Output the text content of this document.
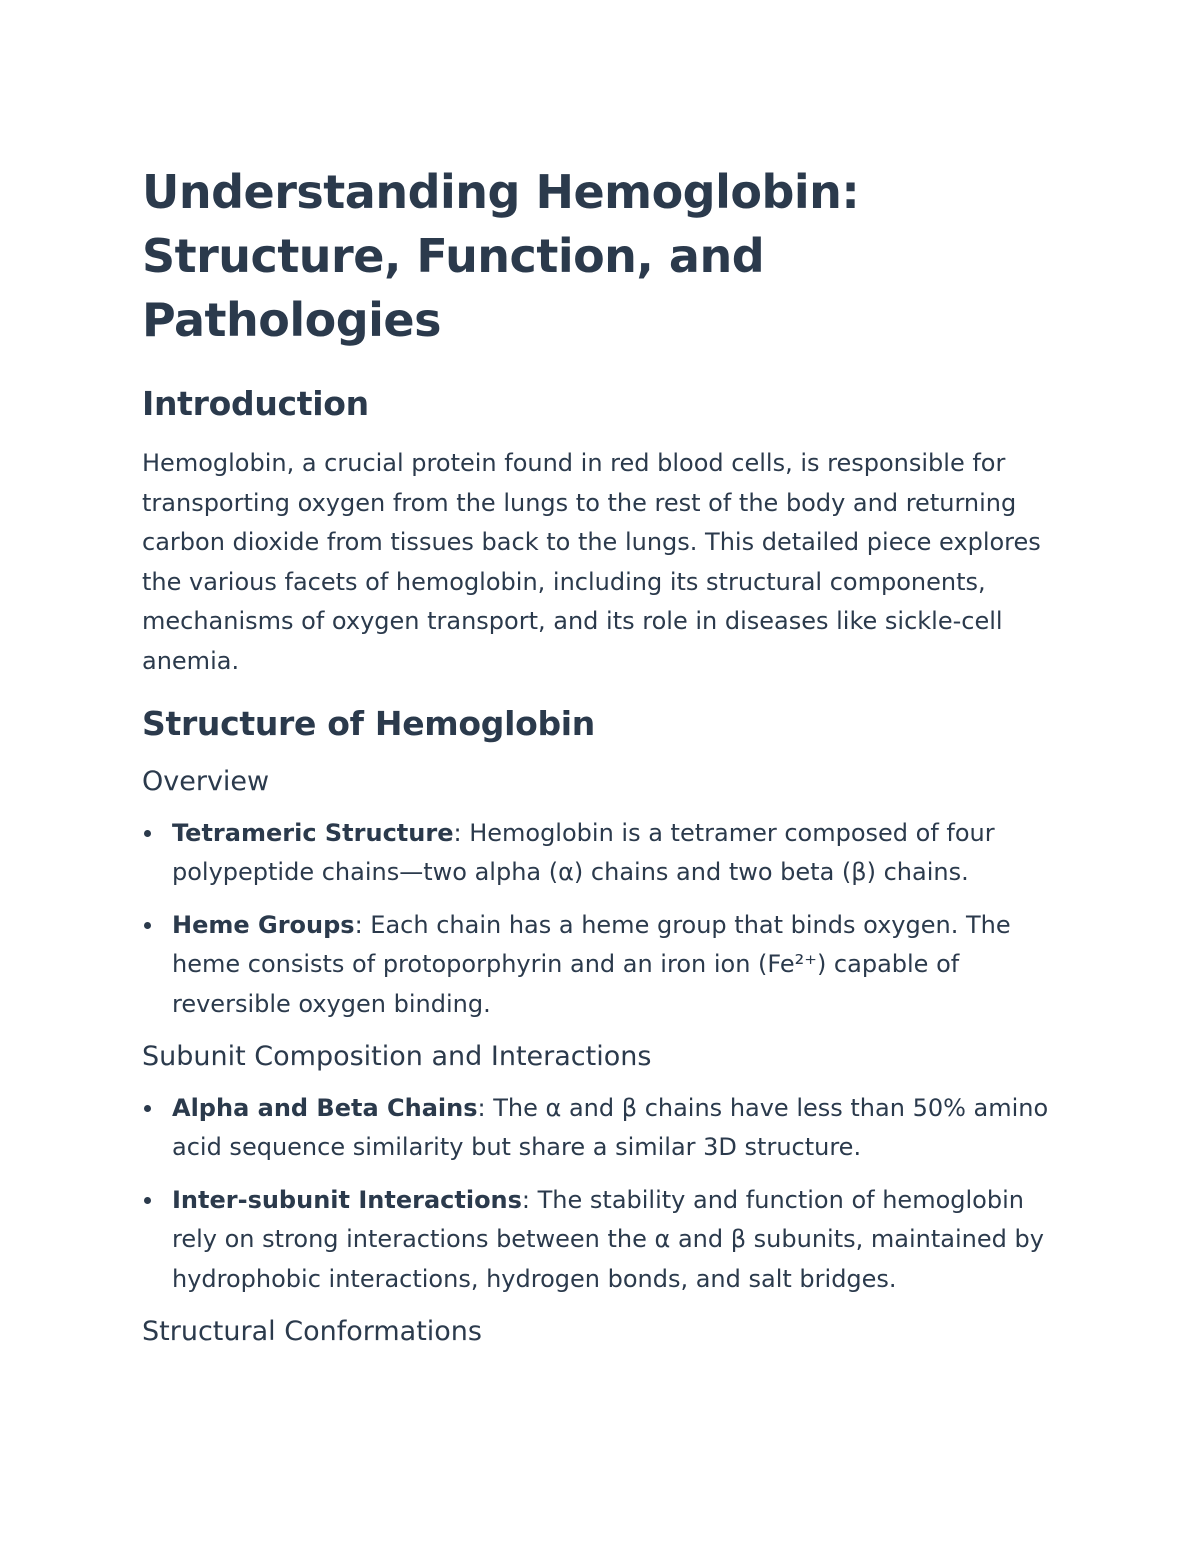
Understanding Hemoglobin: Structure, Function, and Pathologies
Introduction

Hemoglobin, a crucial protein found in red blood cells, is responsible for transporting oxygen from the lungs to the rest of the body and returning carbon dioxide from tissues back to the lungs. This detailed piece explores the various facets of hemoglobin, including its structural components, mechanisms of oxygen transport, and its role in diseases like sickle-cell anemia.

Structure of Hemoglobin
Overview
Tetrameric Structure: Hemoglobin is a tetramer composed of four polypeptide chains—two alpha (α) chains and two beta (β) chains.
Heme Groups: Each chain has a heme group that binds oxygen. The heme consists of protoporphyrin and an iron ion (Fe²⁺) capable of reversible oxygen binding.
Subunit Composition and Interactions
Alpha and Beta Chains: The α and β chains have less than 50% amino acid sequence similarity but share a similar 3D structure.
Inter-subunit Interactions: The stability and function of hemoglobin rely on strong interactions between the α and β subunits, maintained by hydrophobic interactions, hydrogen bonds, and salt bridges.
Structural Conformations
